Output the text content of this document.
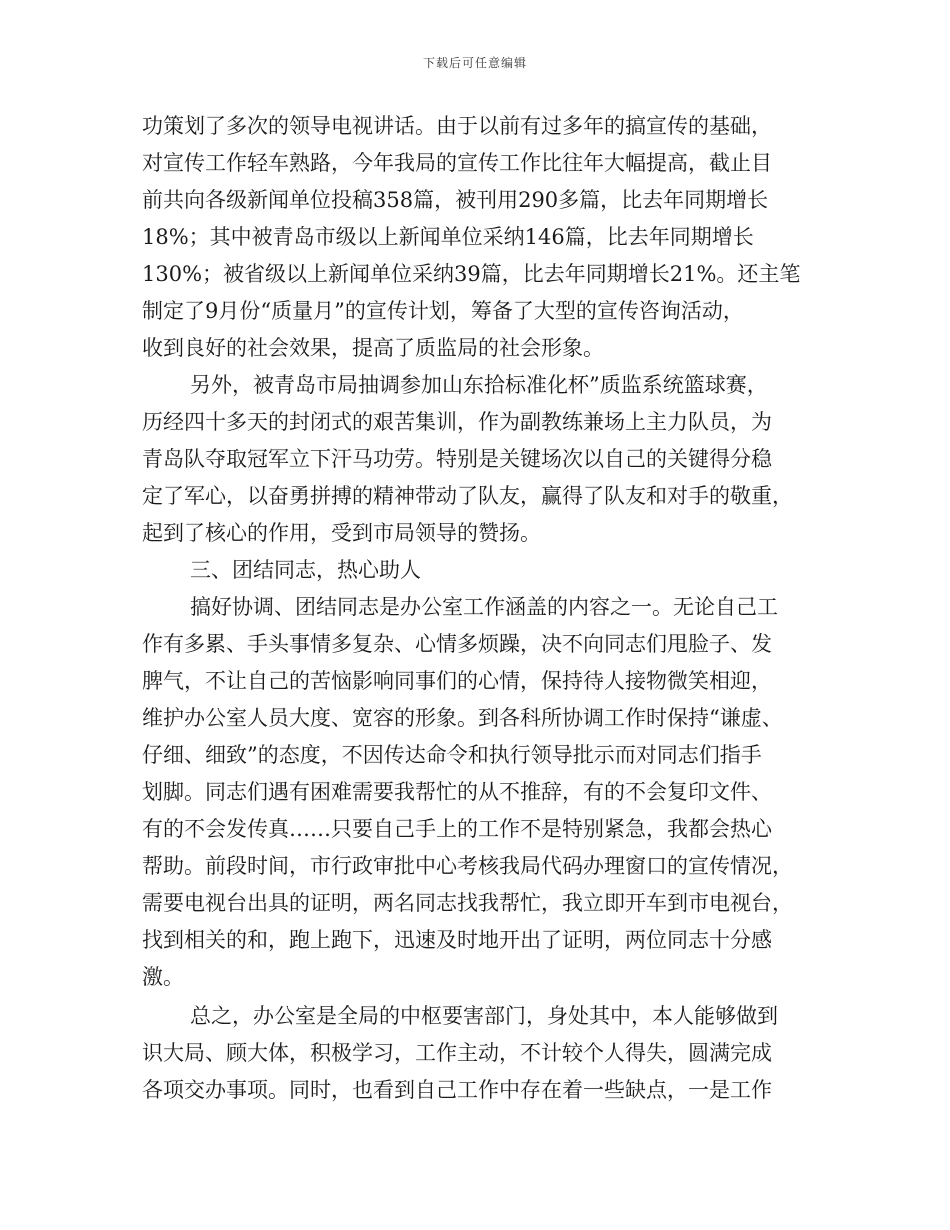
下载后可任意编辑
功策划了多次的领导电视讲话。由于以前有过多年的搞宣传的基础，
对宣传工作轻车熟路，今年我局的宣传工作比往年大幅提高，截止目
前共向各级新闻单位投稿358篇，被刊用290多篇，比去年同期增长
18%；其中被青岛市级以上新闻单位采纳146篇，比去年同期增长
130%；被省级以上新闻单位采纳39篇，比去年同期增长21%。还主笔
制定了9月份“质量月”的宣传计划，筹备了大型的宣传咨询活动，
收到良好的社会效果，提高了质监局的社会形象。
另外，被青岛市局抽调参加山东拾标准化杯”质监系统篮球赛，
历经四十多天的封闭式的艰苦集训，作为副教练兼场上主力队员，为
青岛队夺取冠军立下汗马功劳。特别是关键场次以自己的关键得分稳
定了军心，以奋勇拼搏的精神带动了队友，赢得了队友和对手的敬重，
起到了核心的作用，受到市局领导的赞扬。
三、团结同志，热心助人
搞好协调、团结同志是办公室工作涵盖的内容之一。无论自己工
作有多累、手头事情多复杂、心情多烦躁，决不向同志们甩脸子、发
脾气，不让自己的苦恼影响同事们的心情，保持待人接物微笑相迎，
维护办公室人员大度、宽容的形象。到各科所协调工作时保持“谦虚、
仔细、细致”的态度，不因传达命令和执行领导批示而对同志们指手
划脚。同志们遇有困难需要我帮忙的从不推辞，有的不会复印文件、
有的不会发传真……只要自己手上的工作不是特别紧急，我都会热心
帮助。前段时间，市行政审批中心考核我局代码办理窗口的宣传情况，
需要电视台出具的证明，两名同志找我帮忙，我立即开车到市电视台，
找到相关的和，跑上跑下，迅速及时地开出了证明，两位同志十分感
激。
总之，办公室是全局的中枢要害部门，身处其中，本人能够做到
识大局、顾大体，积极学习，工作主动，不计较个人得失，圆满完成
各项交办事项。同时，也看到自己工作中存在着一些缺点，一是工作
